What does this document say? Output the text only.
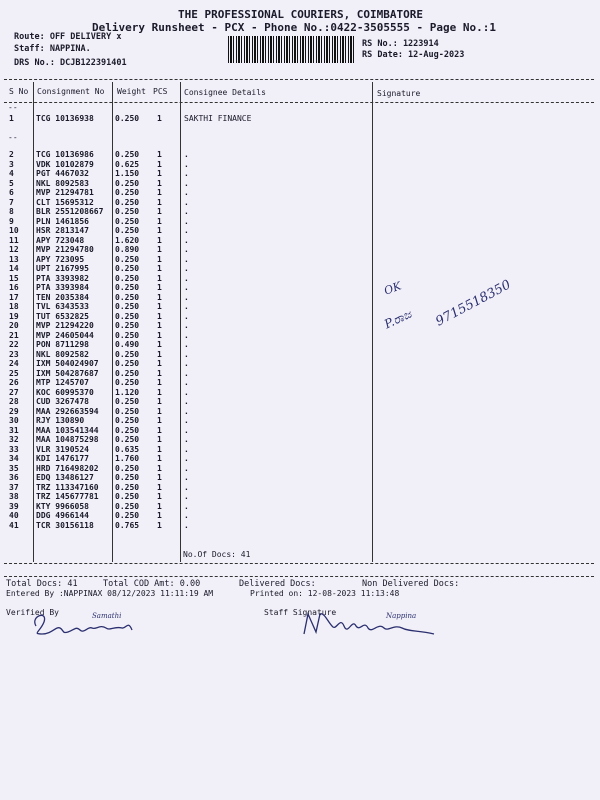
THE PROFESSIONAL COURIERS, COIMBATORE
Delivery Runsheet - PCX - Phone No.:0422-3505555 - Page No.:1
Route: OFF DELIVERY x
Staff: NAPPINA.
DRS No.: DCJB122391401
RS No.: 1223914
RS Date: 12-Aug-2023
S No Consignment No Weight PCS Consignee Details	Signature
--
--
1	TCG 10136938	0.250 1	SAKTHI FINANCE
2	TCG 10136986	0.250 1	.
3	VDK 10102879	0.625 1	.
4	PGT 4467032	1.150 1	.
5	NKL 8092583	0.250 1	.
6	MVP 21294781	0.250 1	.
7	CLT 15695312	0.250 1	.
8	BLR 2551208667 0.250 1	.
9	PLN 1461856	0.250 1	.
10 HSR 2813147	0.250 1	.
11 APY 723048	1.620 1	.
12 MVP 21294780	0.890 1	.
13 APY 723095	0.250 1	.
14 UPT 2167995	0.250 1	.
15 PTA 3393982	0.250 1	.
16 PTA 3393984	0.250 1	.
17 TEN 2035384	0.250 1	.
18 TVL 6343533	0.250 1	.
19 TUT 6532825	0.250 1	.
20 MVP 21294220	0.250 1	.
21 MVP 24605044	0.250 1	.
22 PON 8711298	0.490 1	.
23 NKL 8092582	0.250 1	.
24 IXM 504024907 0.250 1	.
25 IXM 504287687 0.250 1	.
26 MTP 1245707	0.250 1	.
27 KOC 60995370	1.120 1	.
28 CUD 3267478	0.250 1	.
29 MAA 292663594 0.250 1	.
30 RJY 130890	0.250 1	.
31 MAA 103541344 0.250 1	.
32 MAA 104875298 0.250 1	.
33 VLR 3190524	0.635 1	.
34 KDI 1476177	1.760 1	.
35 HRD 716498202 0.250 1	.
36 EDQ 13486127	0.250 1	.
37 TRZ 113347160 0.250 1	.
38 TRZ 145677781 0.250 1	.
39 KTY 9966058	0.250 1	.
40 DDG 4966144	0.250 1	.
41 TCR 30156118	0.765 1	.
No.Of Docs: 41
OK
P.ರಾಜ 9715518350
Total Docs: 41	Total COD Amt: 0.00	Delivered Docs:	Non Delivered Docs:
Entered By :NAPPINAX 08/12/2023 11:11:19 AM	Printed on: 12-08-2023 11:13:48
Verified By	Staff Signature
Samathi	Nappina
